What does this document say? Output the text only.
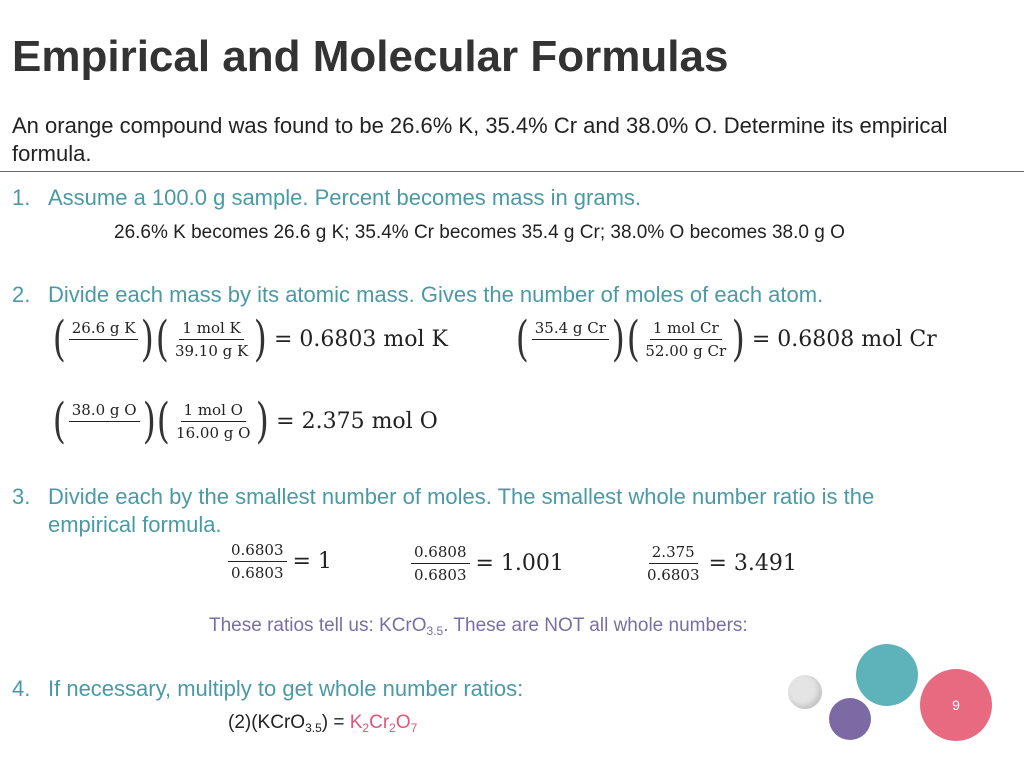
Empirical and Molecular Formulas
An orange compound was found to be 26.6% K, 35.4% Cr and 38.0% O. Determine its empirical formula.
1. Assume a 100.0 g sample. Percent becomes mass in grams.
26.6% K becomes 26.6 g K; 35.4% Cr becomes 35.4 g Cr; 38.0% O becomes 38.0 g O
2. Divide each mass by its atomic mass. Gives the number of moles of each atom.
( 26.6 g K
) ( $\frac{\text{1 mol K}}{\text{39.10 g K}}$ ) = 0.6803 mol K ( 35.4 g Cr
) ( $\frac{\text{1 mol Cr}}{\text{52.00 g Cr}}$ ) = 0.6808 mol Cr
( 38.0 g O
) ( $\frac{\text{1 mol O}}{\text{16.00 g O}}$ ) = 2.375 mol O
3. Divide each by the smallest number of moles. The smallest whole number ratio is the
empirical formula.
$\frac{0.6803}{0.6803} = 1$	$\frac{0.6808}{0.6803} = 1.001$	$\frac{2.375}{0.6803} = 3.491$
These ratios tell us: KCrO$_{3.5}$. These are NOT all whole numbers:
4. If necessary, multiply to get whole number ratios:
(2)(KCrO$_{3.5}$) = $K_2Cr_2O_7$
9
